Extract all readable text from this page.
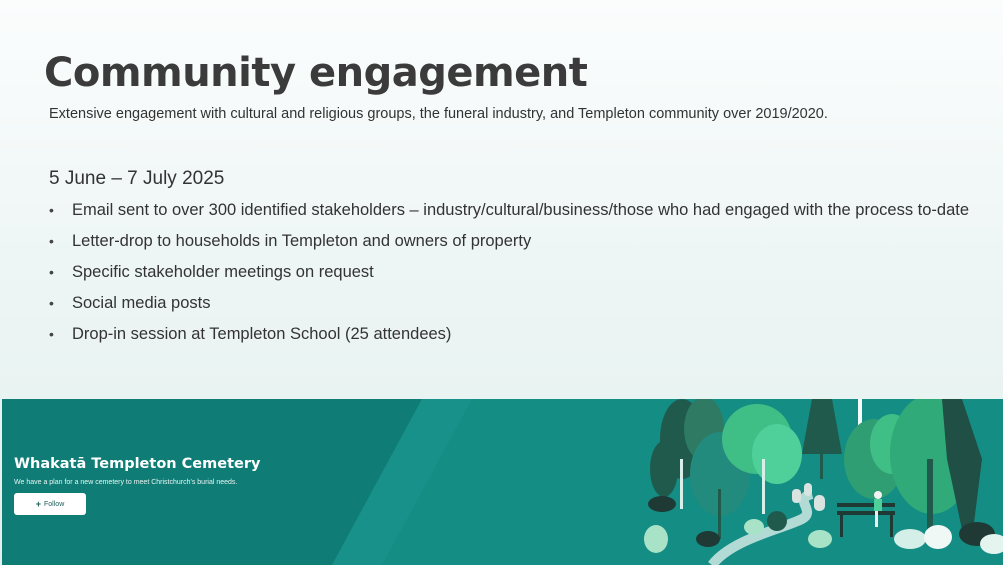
Community engagement
Extensive engagement with cultural and religious groups, the funeral industry, and Templeton community over 2019/2020.
5 June – 7 July 2025
• Email sent to over 300 identified stakeholders – industry/cultural/business/those who had engaged with the process to-date
• Letter-drop to households in Templeton and owners of property
• Specific stakeholder meetings on request
• Social media posts
• Drop-in session at Templeton School (25 attendees)
Whakatā Templeton Cemetery
We have a plan for a new cemetery to meet Christchurch's burial needs.
+ Follow
